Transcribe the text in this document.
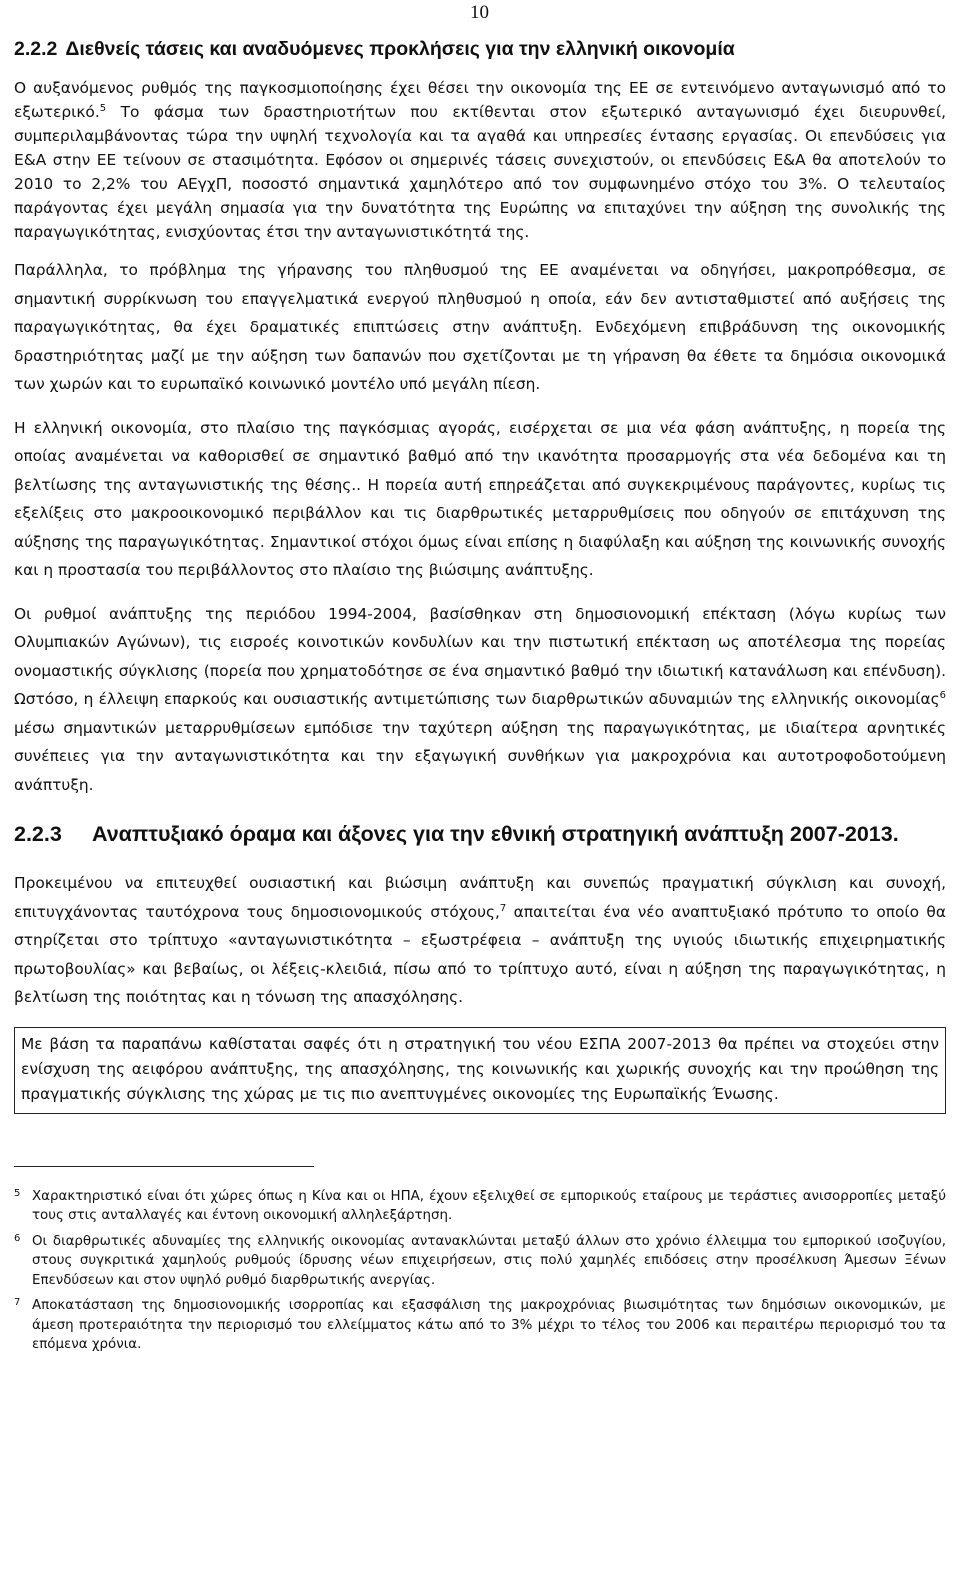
10
2.2.2 Διεθνείς τάσεις και αναδυόμενες προκλήσεις για την ελληνική οικονομία

Ο αυξανόμενος ρυθμός της παγκοσμιοποίησης έχει θέσει την οικονομία της ΕΕ σε εντεινόμενο ανταγωνισμό από το εξωτερικό.$^5$ Το φάσμα των δραστηριοτήτων που εκτίθενται στον εξωτερικό ανταγωνισμό έχει διευρυνθεί, συμπεριλαμβάνοντας τώρα την υψηλή τεχνολογία και τα αγαθά και υπηρεσίες έντασης εργασίας. Οι επενδύσεις για Ε&Α στην ΕΕ τείνουν σε στασιμότητα. Εφόσον οι σημερινές τάσεις συνεχιστούν, οι επενδύσεις Ε&Α θα αποτελούν το 2010 το 2,2% του ΑΕγχΠ, ποσοστό σημαντικά χαμηλότερο από τον συμφωνημένο στόχο του 3%. Ο τελευταίος παράγοντας έχει μεγάλη σημασία για την δυνατότητα της Ευρώπης να επιταχύνει την αύξηση της συνολικής της παραγωγικότητας, ενισχύοντας έτσι την ανταγωνιστικότητά της.

Παράλληλα, το πρόβλημα της γήρανσης του πληθυσμού της ΕΕ αναμένεται να οδηγήσει, μακροπρόθεσμα, σε σημαντική συρρίκνωση του επαγγελματικά ενεργού πληθυσμού η οποία, εάν δεν αντισταθμιστεί από αυξήσεις της παραγωγικότητας, θα έχει δραματικές επιπτώσεις στην ανάπτυξη. Ενδεχόμενη επιβράδυνση της οικονομικής δραστηριότητας μαζί με την αύξηση των δαπανών που σχετίζονται με τη γήρανση θα έθετε τα δημόσια οικονομικά των χωρών και το ευρωπαϊκό κοινωνικό μοντέλο υπό μεγάλη πίεση.

Η ελληνική οικονομία, στο πλαίσιο της παγκόσμιας αγοράς, εισέρχεται σε μια νέα φάση ανάπτυξης, η πορεία της οποίας αναμένεται να καθορισθεί σε σημαντικό βαθμό από την ικανότητα προσαρμογής στα νέα δεδομένα και τη βελτίωσης της ανταγωνιστικής της θέσης.. Η πορεία αυτή επηρεάζεται από συγκεκριμένους παράγοντες, κυρίως τις εξελίξεις στο μακροοικονομικό περιβάλλον και τις διαρθρωτικές μεταρρυθμίσεις που οδηγούν σε επιτάχυνση της αύξησης της παραγωγικότητας. Σημαντικοί στόχοι όμως είναι επίσης η διαφύλαξη και αύξηση της κοινωνικής συνοχής και η προστασία του περιβάλλοντος στο πλαίσιο της βιώσιμης ανάπτυξης.

Οι ρυθμοί ανάπτυξης της περιόδου 1994-2004, βασίσθηκαν στη δημοσιονομική επέκταση (λόγω κυρίως των Ολυμπιακών Αγώνων), τις εισροές κοινοτικών κονδυλίων και την πιστωτική επέκταση ως αποτέλεσμα της πορείας ονομαστικής σύγκλισης (πορεία που χρηματοδότησε σε ένα σημαντικό βαθμό την ιδιωτική κατανάλωση και επένδυση). Ωστόσο, η έλλειψη επαρκούς και ουσιαστικής αντιμετώπισης των διαρθρωτικών αδυναμιών της ελληνικής οικονομίας$^6$ μέσω σημαντικών μεταρρυθμίσεων εμπόδισε την ταχύτερη αύξηση της παραγωγικότητας, με ιδιαίτερα αρνητικές συνέπειες για την ανταγωνιστικότητα και την εξαγωγική συνθήκων για μακροχρόνια και αυτοτροφοδοτούμενη ανάπτυξη.

2.2.3	Αναπτυξιακό όραμα και άξονες για την εθνική στρατηγική ανάπτυξη 2007-2013.

Προκειμένου να επιτευχθεί ουσιαστική και βιώσιμη ανάπτυξη και συνεπώς πραγματική σύγκλιση και συνοχή, επιτυγχάνοντας ταυτόχρονα τους δημοσιονομικούς στόχους,$^7$ απαιτείται ένα νέο αναπτυξιακό πρότυπο το οποίο θα στηρίζεται στο τρίπτυχο «ανταγωνιστικότητα – εξωστρέφεια – ανάπτυξη της υγιούς ιδιωτικής επιχειρηματικής πρωτοβουλίας» και βεβαίως, οι λέξεις-κλειδιά, πίσω από το τρίπτυχο αυτό, είναι η αύξηση της παραγωγικότητας, η βελτίωση της ποιότητας και η τόνωση της απασχόλησης.

Με βάση τα παραπάνω καθίσταται σαφές ότι η στρατηγική του νέου ΕΣΠΑ 2007-2013 θα πρέπει να στοχεύει στην ενίσχυση της αειφόρου ανάπτυξης, της απασχόλησης, της κοινωνικής και χωρικής συνοχής και την προώθηση της πραγματικής σύγκλισης της χώρας με τις πιο ανεπτυγμένες οικονομίες της Ευρωπαϊκής Ένωσης.

5 Χαρακτηριστικό είναι ότι χώρες όπως η Κίνα και οι ΗΠΑ, έχουν εξελιχθεί σε εμπορικούς εταίρους με τεράστιες ανισορροπίες μεταξύ τους στις ανταλλαγές και έντονη οικονομική αλληλεξάρτηση.
6 Οι διαρθρωτικές αδυναμίες της ελληνικής οικονομίας αντανακλώνται μεταξύ άλλων στο χρόνιο έλλειμμα του εμπορικού ισοζυγίου, στους συγκριτικά χαμηλούς ρυθμούς ίδρυσης νέων επιχειρήσεων, στις πολύ χαμηλές επιδόσεις στην προσέλκυση Άμεσων Ξένων Επενδύσεων και στον υψηλό ρυθμό διαρθρωτικής ανεργίας.
7 Αποκατάσταση της δημοσιονομικής ισορροπίας και εξασφάλιση της μακροχρόνιας βιωσιμότητας των δημόσιων οικονομικών, με άμεση προτεραιότητα την περιορισμό του ελλείμματος κάτω από το 3% μέχρι το τέλος του 2006 και περαιτέρω περιορισμό του τα επόμενα χρόνια.
